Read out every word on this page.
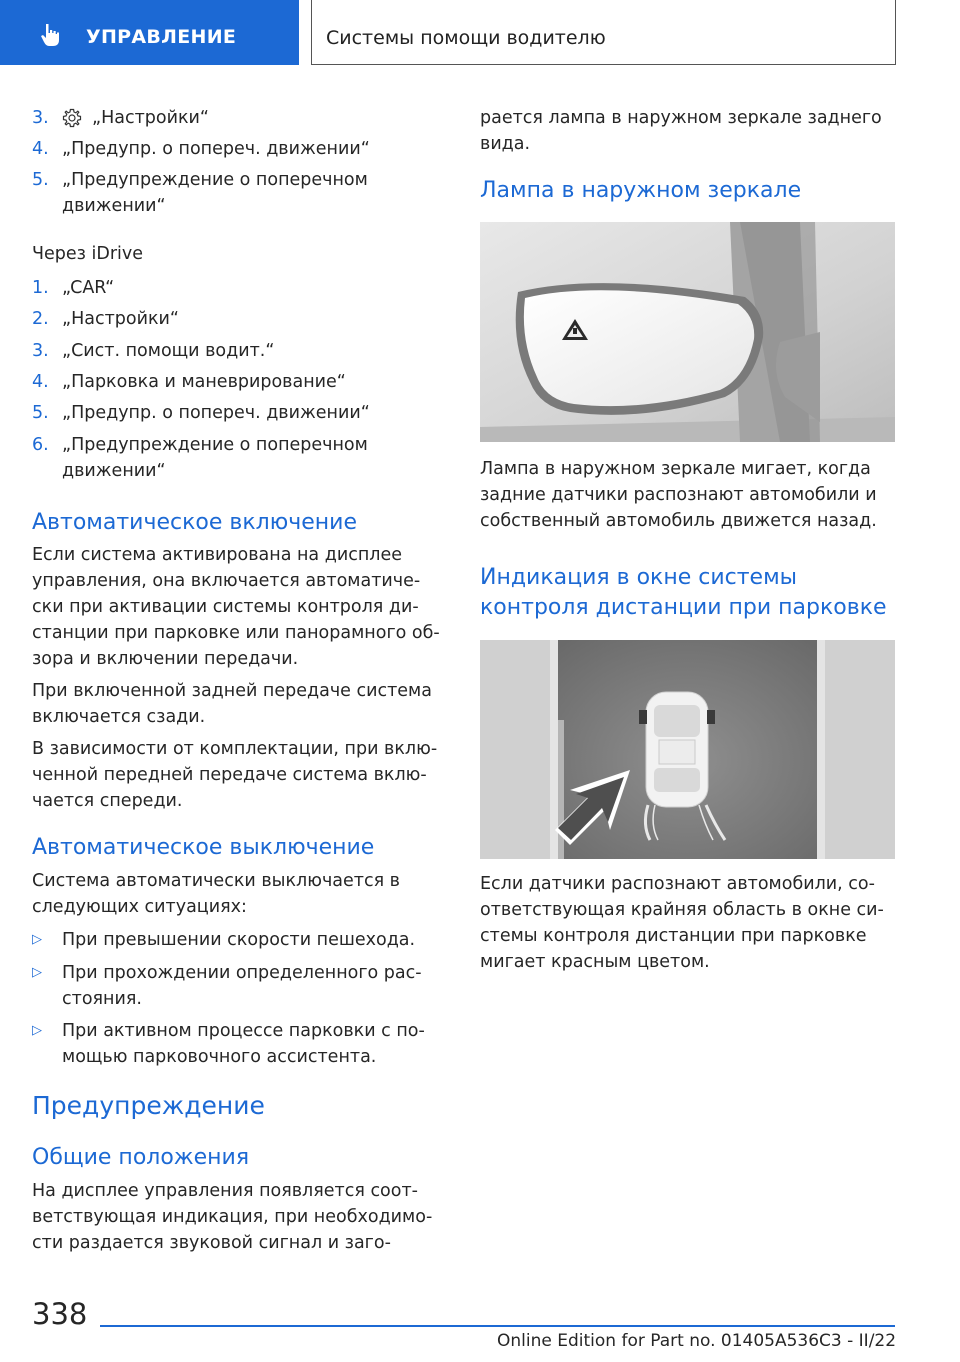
УПРАВЛЕНИЕ	Системы помощи водителю
3. „Настройки“
4. „Предупр. о попереч. движении“
5. „Предупреждение о поперечном
движении“
Через iDrive
1. „CAR“
2. „Настройки“
3. „Сист. помощи водит.“
4. „Парковка и маневрирование“
5. „Предупр. о попереч. движении“
6. „Предупреждение о поперечном
движении“
Автоматическое включение
Если система активирована на дисплее
управления, она включается автоматиче-
ски при активации системы контроля ди-
станции при парковке или панорамного об-
зора и включении передачи.
При включенной задней передаче система
включается сзади.
В зависимости от комплектации, при вклю-
ченной передней передаче система вклю-
чается спереди.
Автоматическое выключение
Система автоматически выключается в
следующих ситуациях:
▷ При превышении скорости пешехода.
▷ При прохождении определенного рас-
стояния.
▷ При активном процессе парковки с по-
мощью парковочного ассистента.
Предупреждение
Общие положения
На дисплее управления появляется соот-
ветствующая индикация, при необходимо-
сти раздается звуковой сигнал и заго-
рается лампа в наружном зеркале заднего
вида.
Лампа в наружном зеркале
Лампа в наружном зеркале мигает, когда
задние датчики распознают автомобили и
собственный автомобиль движется назад.
Индикация в окне системы
контроля дистанции при парковке
Если датчики распознают автомобили, со-
ответствующая крайняя область в окне си-
стемы контроля дистанции при парковке
мигает красным цветом.
338
Online Edition for Part no. 01405A536C3 - II/22
